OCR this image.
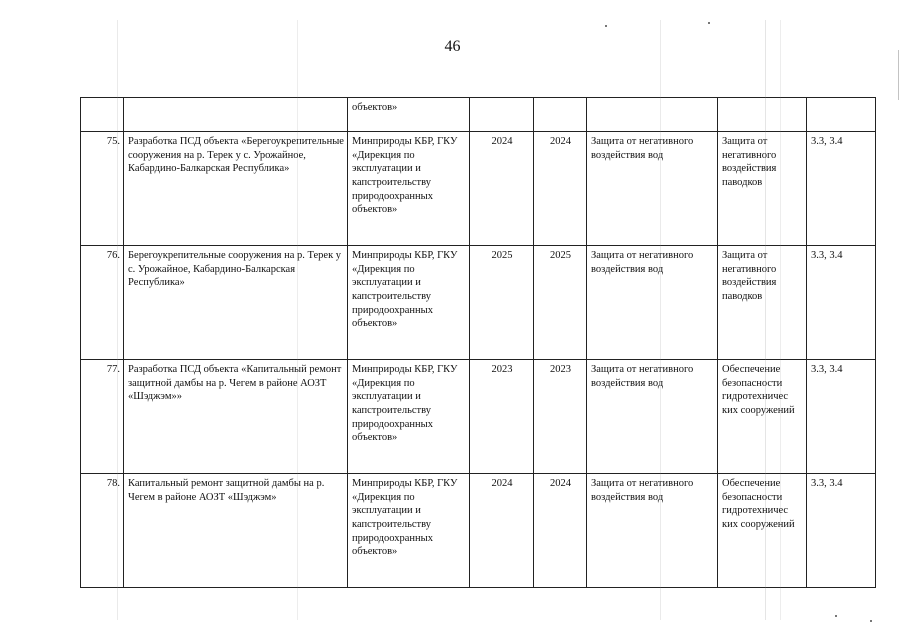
46
		объектов»					
75.	Разработка ПСД объекта «Берегоукрепительные сооружения на р. Терек у с. Урожайное, Кабардино-Балкарская Республика»	Минприроды КБР, ГКУ «Дирекция по эксплуатации и капстроительству природоохранных объектов»	2024	2024	Защита от негативного воздействия вод	Защита от негативного воздействия паводков	3.3, 3.4
76.	Берегоукрепительные сооружения на р. Терек у с. Урожайное, Кабардино-Балкарская Республика»	Минприроды КБР, ГКУ «Дирекция по эксплуатации и капстроительству природоохранных объектов»	2025	2025	Защита от негативного воздействия вод	Защита от негативного воздействия паводков	3.3, 3.4
77.	Разработка ПСД объекта «Капитальный ремонт защитной дамбы на р. Чегем в районе АОЗТ «Шэджэм»»	Минприроды КБР, ГКУ «Дирекция по эксплуатации и капстроительству природоохранных объектов»	2023	2023	Защита от негативного воздействия вод	Обеспечение безопасности гидротехничес ких сооружений	3.3, 3.4
78.	Капитальный ремонт защитной дамбы на р. Чегем в районе АОЗТ «Шэджэм»	Минприроды КБР, ГКУ «Дирекция по эксплуатации и капстроительству природоохранных объектов»	2024	2024	Защита от негативного воздействия вод	Обеспечение безопасности гидротехничес ких сооружений	3.3, 3.4
